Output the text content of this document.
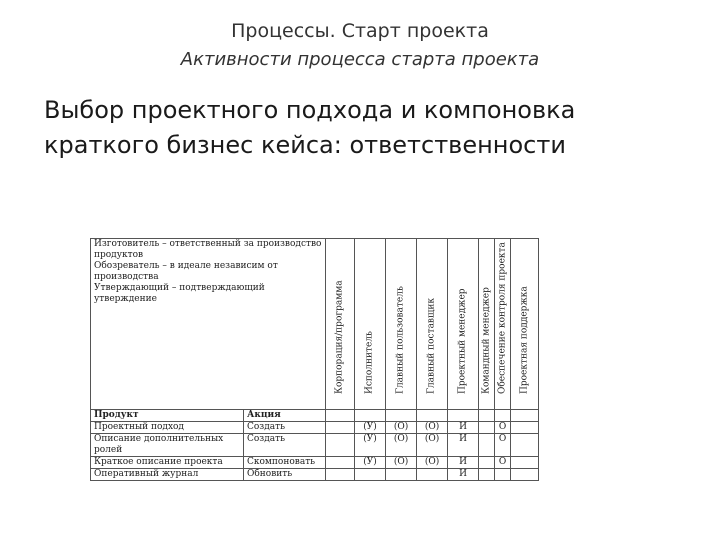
Процессы. Старт проекта
Активности процесса старта проекта
Выбор проектного подхода и компоновка краткого бизнес кейса: ответственности
Изготовитель – ответственный за производство продуктов
Обозреватель – в идеале независим от производства
Утверждающий – подтверждающий утверждение		Корпорация/программа	Исполнитель	Главный пользователь	Главный поставщик	Проектный менеджер	Командный менеджер	Обеспечение контроля проекта	Проектная поддержка

Продукт	Акция								
Проектный подход	Создать		(У)	(О)	(О)	И		О	
Описание дополнительных ролей	Создать		(У)	(О)	(О)	И		О	
Краткое описание проекта	Скомпоновать		(У)	(О)	(О)	И		О	
Оперативный журнал	Обновить					И			
